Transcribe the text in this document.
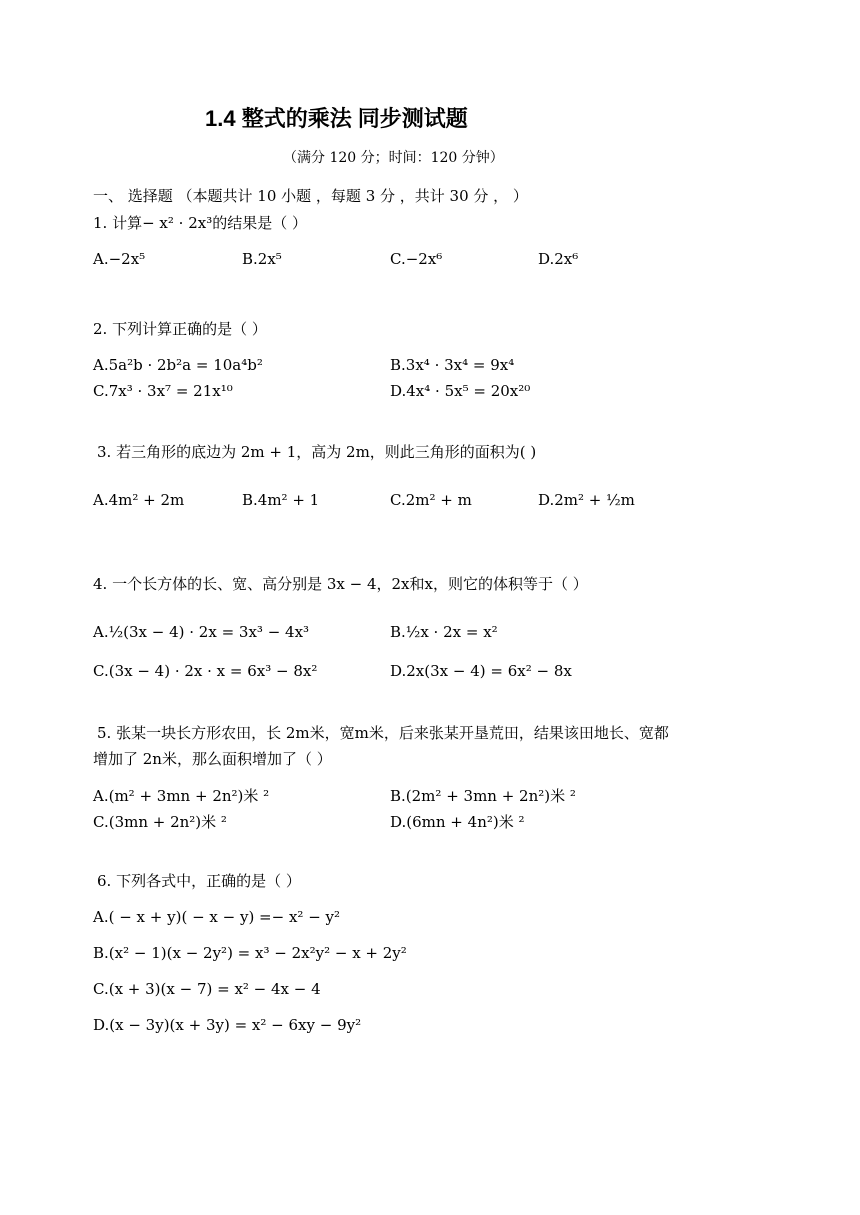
1.4 整式的乘法 同步测试题
（满分 120 分；时间：120 分钟）
一、 选择题 （本题共计 10 小题 ，每题 3 分 ，共计 30 分 ， ）
1. 计算− x² · 2x³的结果是（ ）
A.−2x⁵	B.2x⁵	C.−2x⁶	D.2x⁶
2. 下列计算正确的是（ ）
A.5a²b · 2b²a = 10a⁴b²	B.3x⁴ · 3x⁴ = 9x⁴
C.7x³ · 3x⁷ = 21x¹⁰	D.4x⁴ · 5x⁵ = 20x²⁰
3. 若三角形的底边为 2m + 1，高为 2m，则此三角形的面积为( )
A.4m² + 2m	B.4m² + 1	C.2m² + m	D.2m² + ½m
4. 一个长方体的长、宽、高分别是 3x − 4，2x和x，则它的体积等于（ ）
A.½(3x − 4) · 2x = 3x³ − 4x³	B.½x · 2x = x²
C.(3x − 4) · 2x · x = 6x³ − 8x²	D.2x(3x − 4) = 6x² − 8x
5. 张某一块长方形农田，长 2m米，宽m米，后来张某开垦荒田，结果该田地长、宽都
增加了 2n米，那么面积增加了（ ）
A.(m² + 3mn + 2n²)米 ²	B.(2m² + 3mn + 2n²)米 ²
C.(3mn + 2n²)米 ²	D.(6mn + 4n²)米 ²
6. 下列各式中，正确的是（ ）
A.( − x + y)( − x − y) =− x² − y²
B.(x² − 1)(x − 2y²) = x³ − 2x²y² − x + 2y²
C.(x + 3)(x − 7) = x² − 4x − 4
D.(x − 3y)(x + 3y) = x² − 6xy − 9y²
